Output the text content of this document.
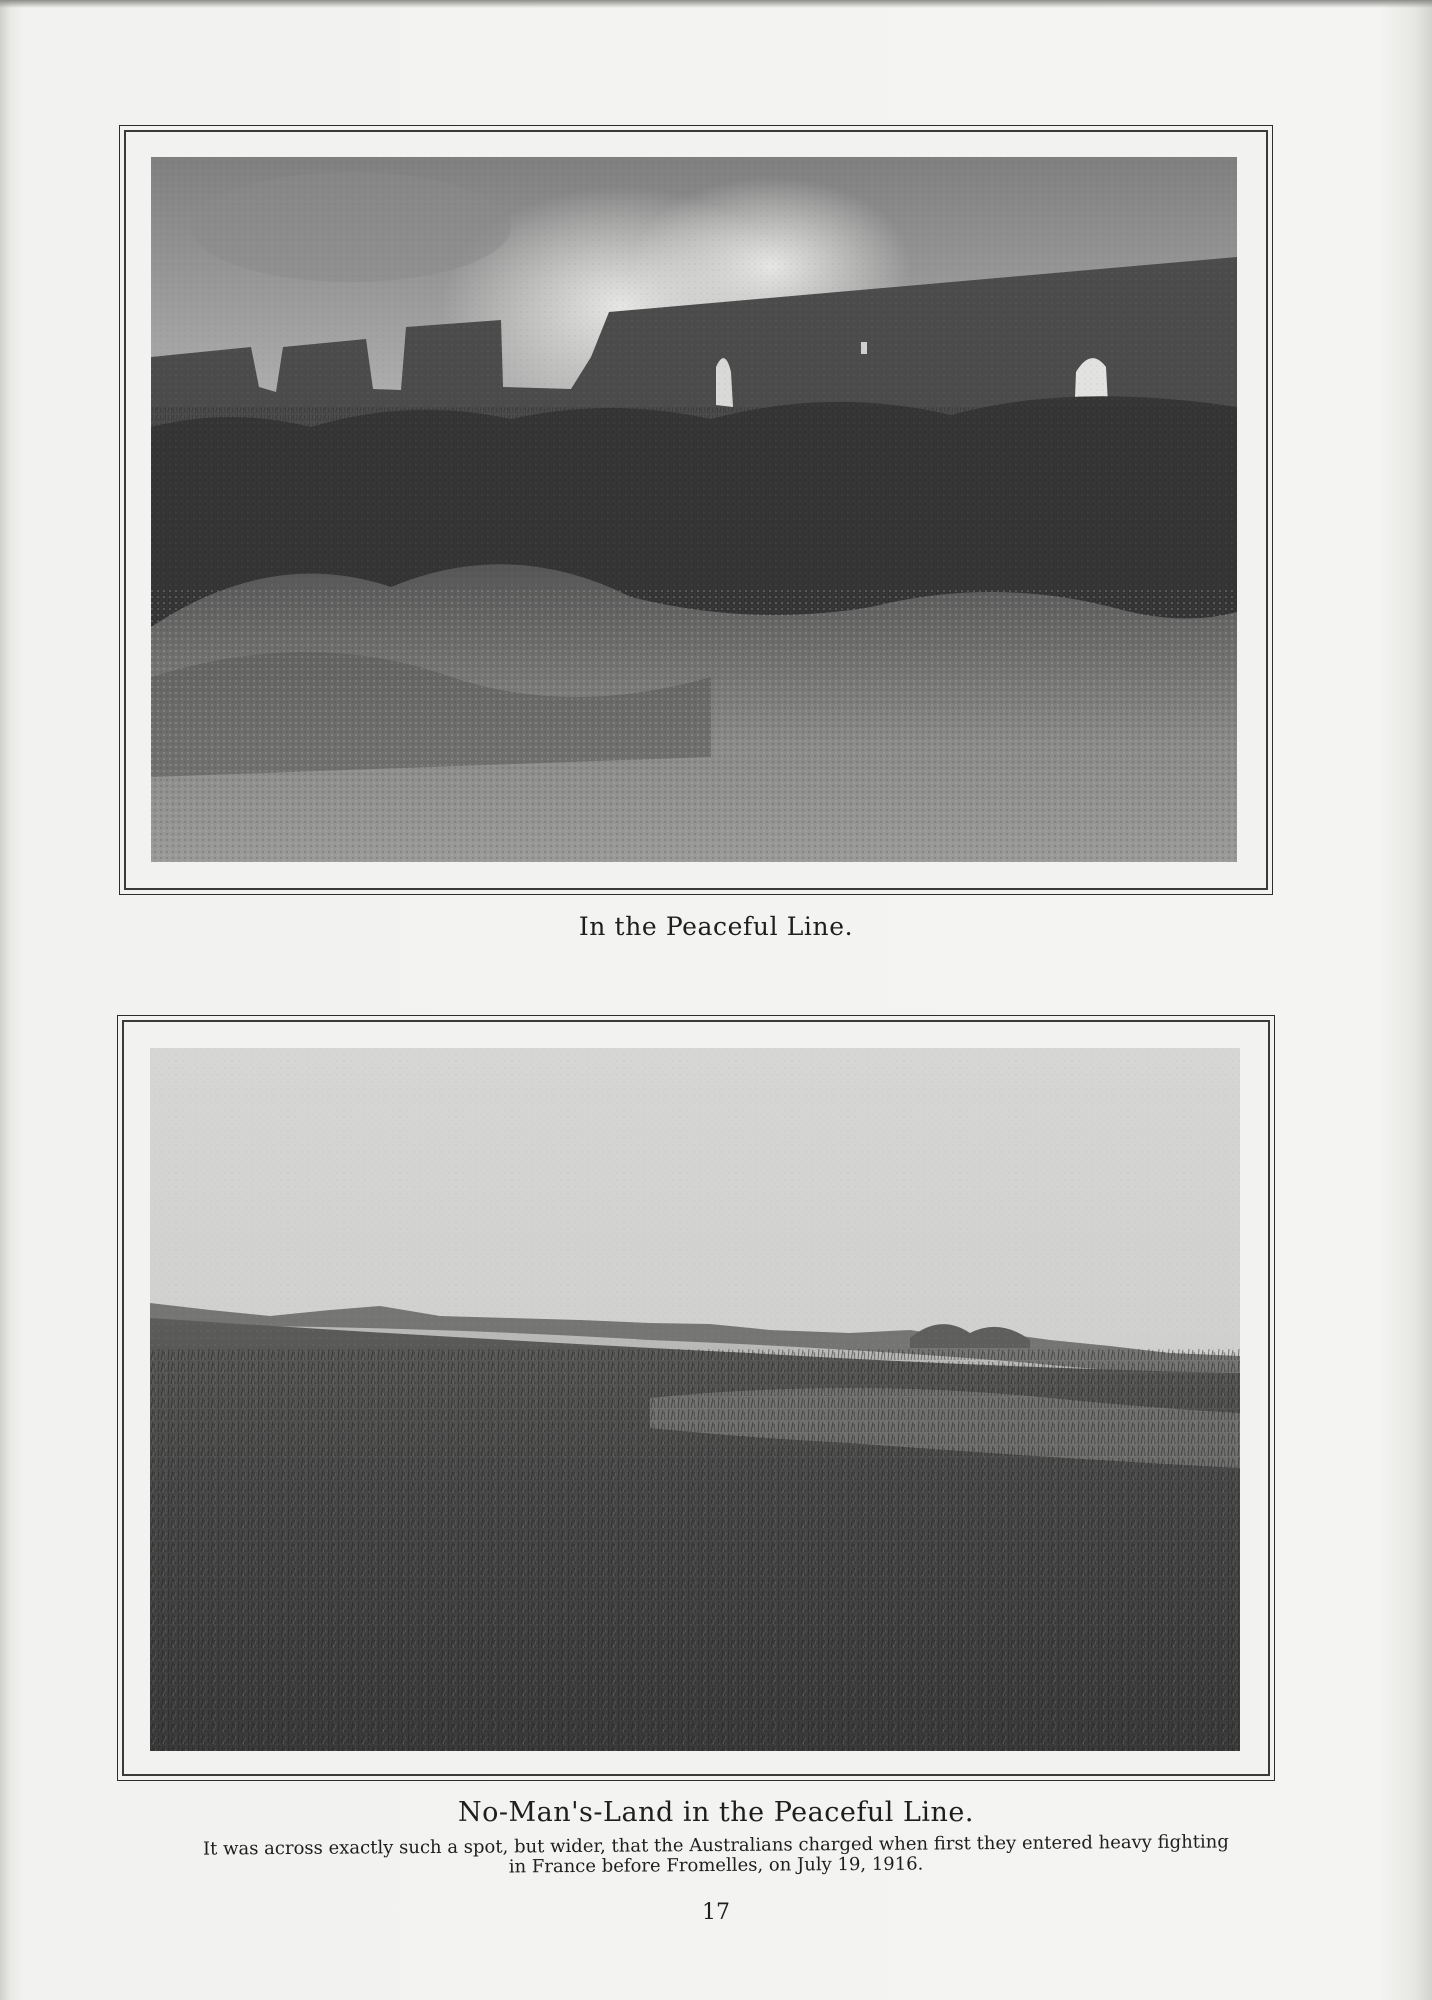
In the Peaceful Line.
No-Man's-Land in the Peaceful Line.
It was across exactly such a spot, but wider, that the Australians charged when first they entered heavy fighting
in France before Fromelles, on July 19, 1916.
17
